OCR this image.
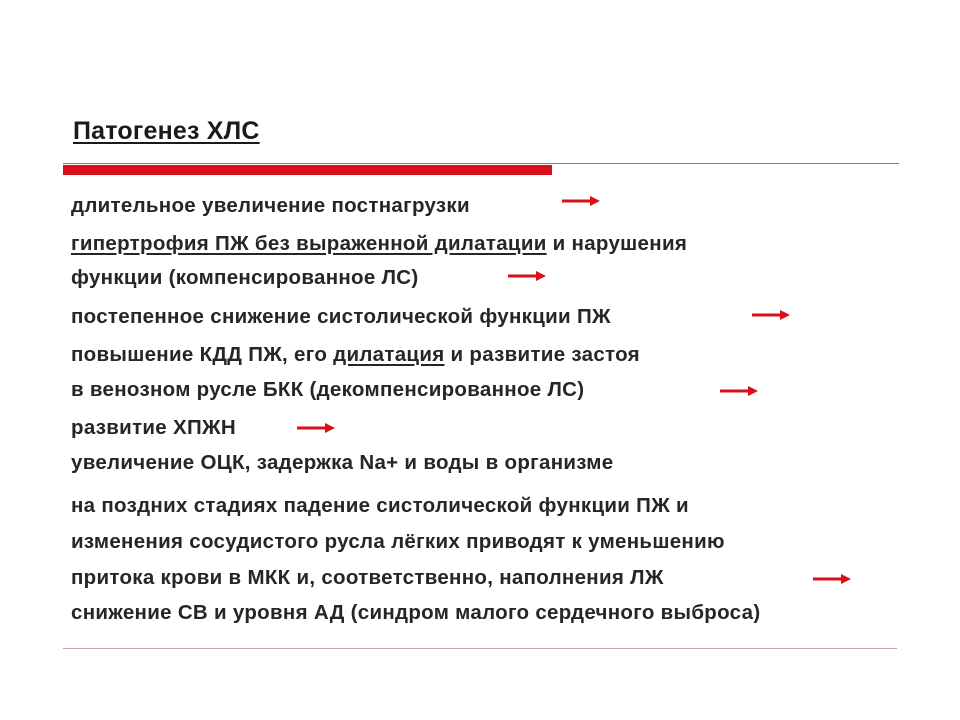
Патогенез ХЛС
длительное увеличение постнагрузки
гипертрофия ПЖ без выраженной дилатации и нарушения
функции (компенсированное ЛС)
постепенное снижение систолической функции ПЖ
повышение КДД ПЖ, его дилатация и развитие застоя
в венозном русле БКК (декомпенсированное ЛС)
развитие ХПЖН
увеличение ОЦК, задержка Na+ и воды в организме
на поздних стадиях падение систолической функции ПЖ и
изменения сосудистого русла лёгких приводят к уменьшению
притока крови в МКК и, соответственно, наполнения ЛЖ
снижение СВ и уровня АД (синдром малого сердечного выброса)
